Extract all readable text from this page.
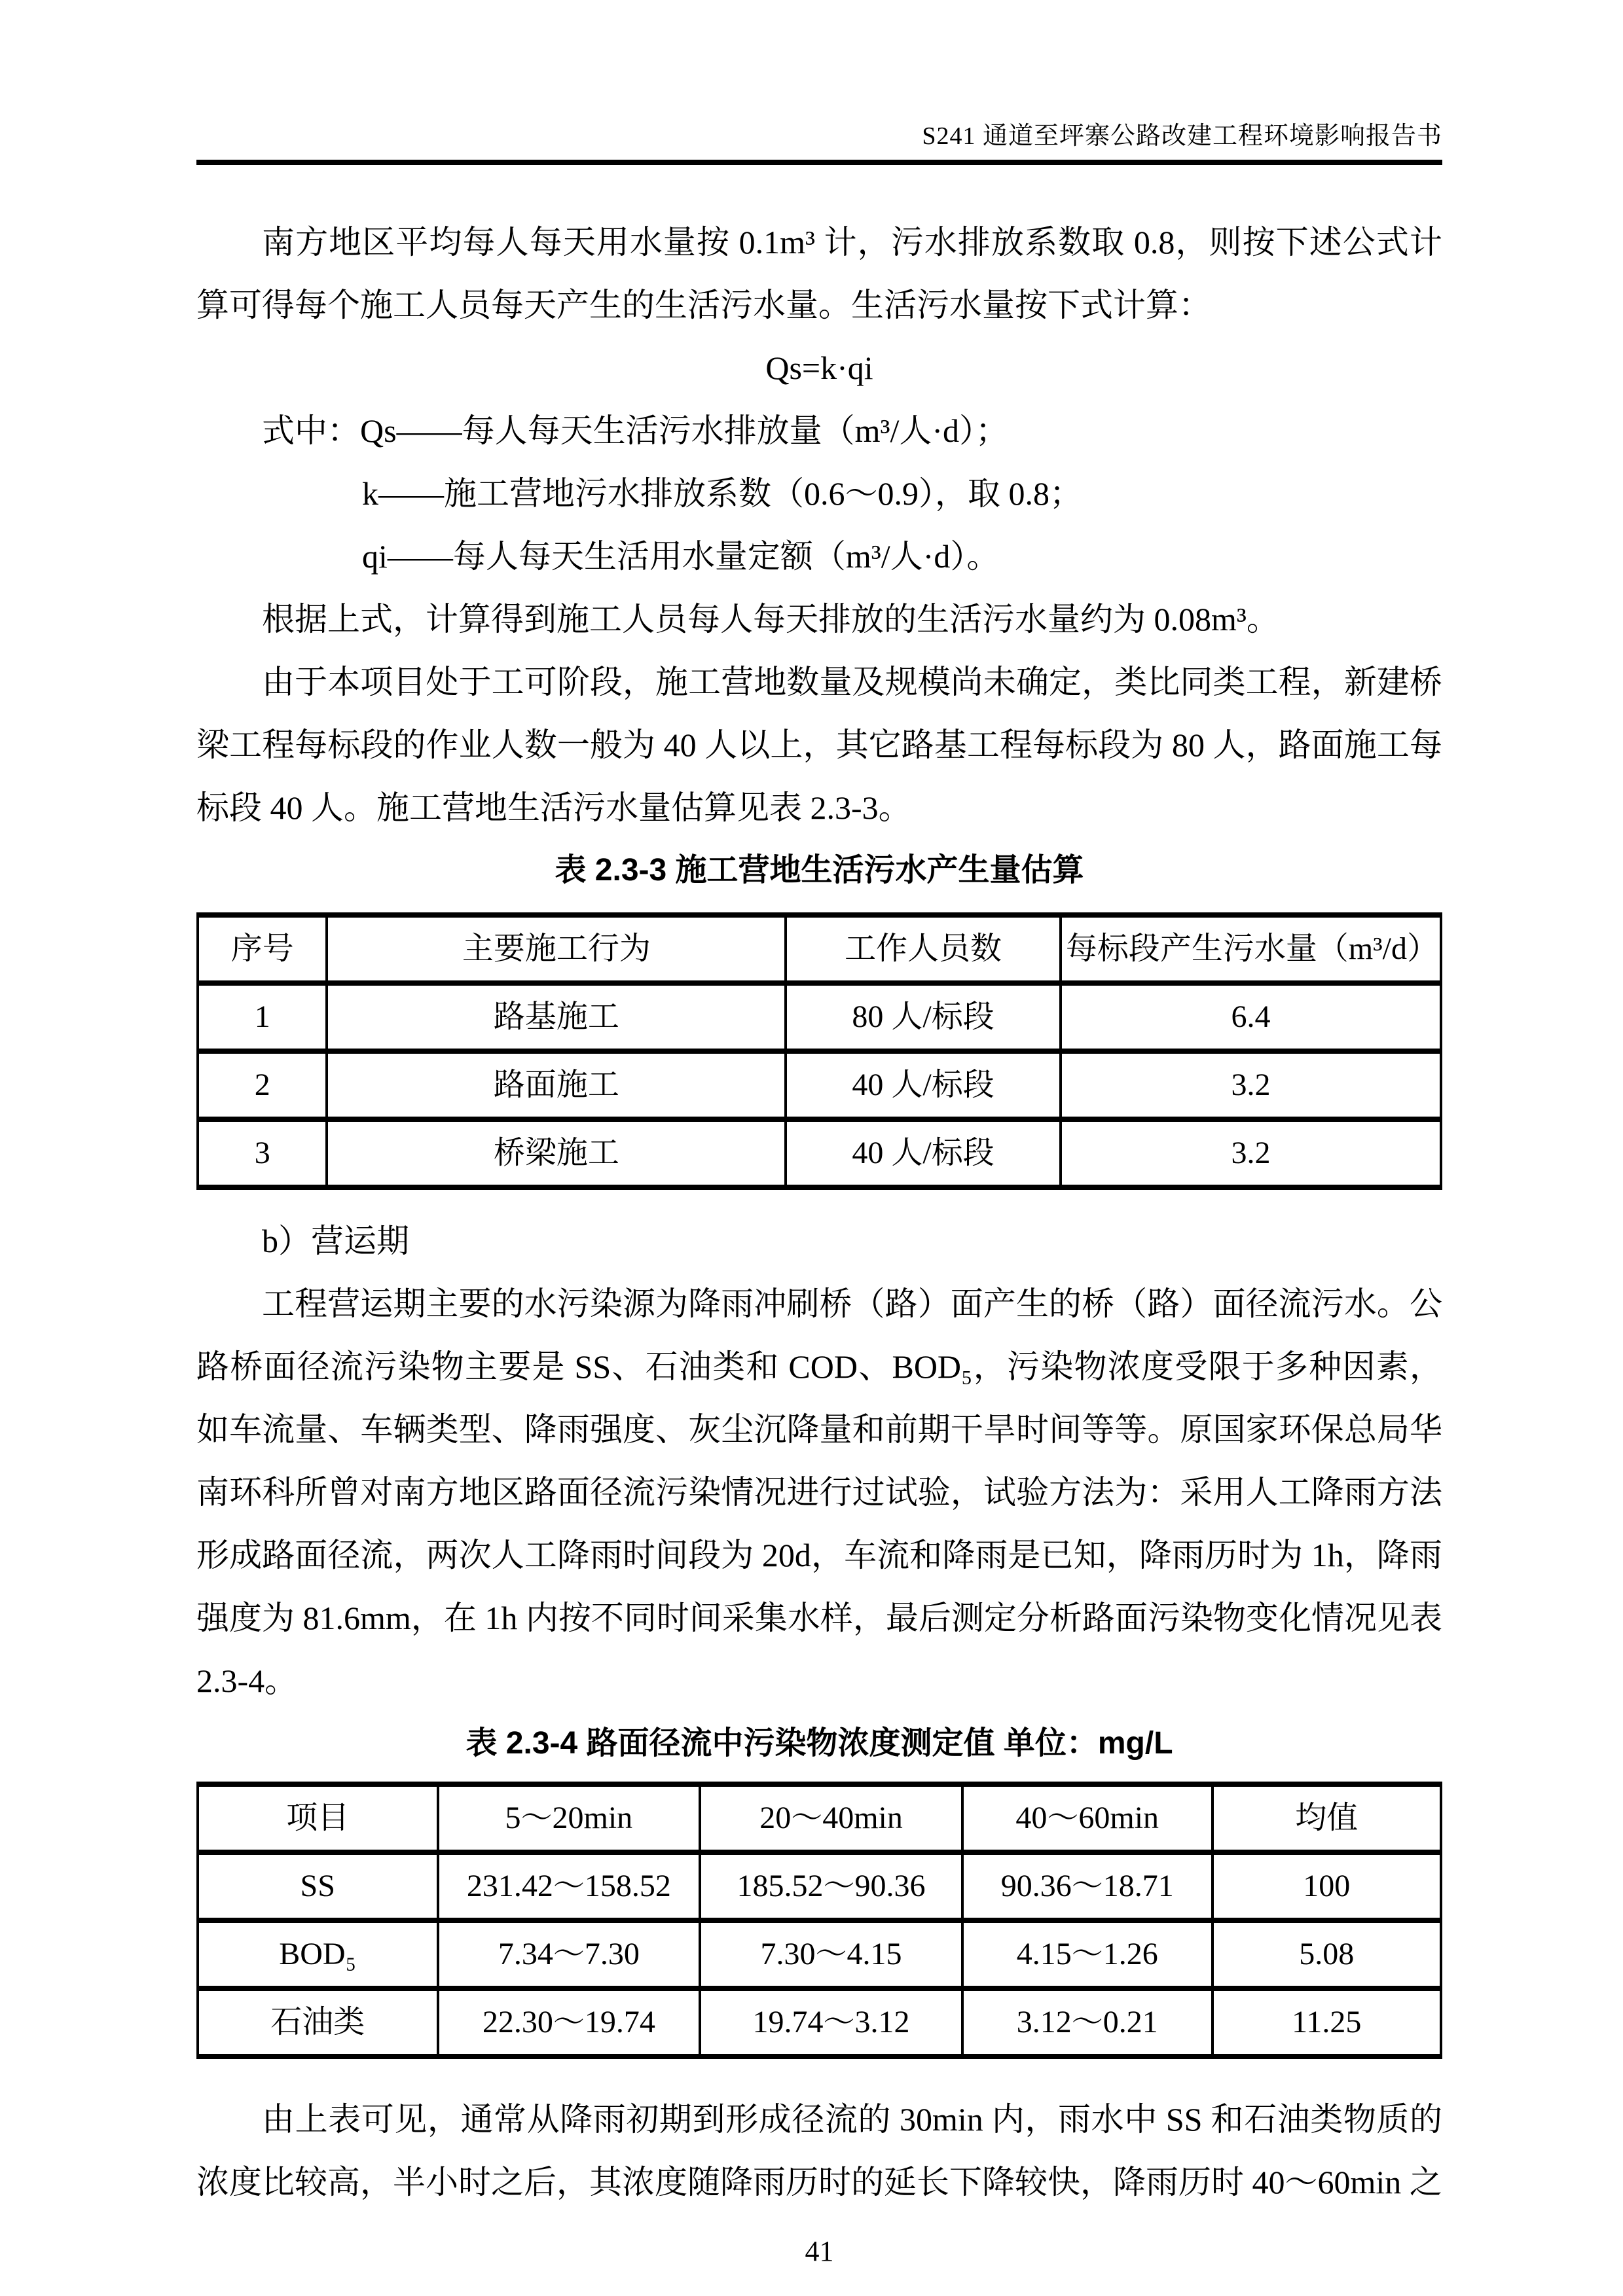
S241 通道至坪寨公路改建工程环境影响报告书

南方地区平均每人每天用水量按 0.1m³ 计，污水排放系数取 0.8，则按下述公式计算可得每个施工人员每天产生的生活污水量。生活污水量按下式计算：

Qs=k·qi

式中：Qs——每人每天生活污水排放量（m³/人·d）；

k——施工营地污水排放系数（0.6～0.9），取 0.8；

qi——每人每天生活用水量定额（m³/人·d）。

根据上式，计算得到施工人员每人每天排放的生活污水量约为 0.08m³。

由于本项目处于工可阶段，施工营地数量及规模尚未确定，类比同类工程，新建桥梁工程每标段的作业人数一般为 40 人以上，其它路基工程每标段为 80 人，路面施工每标段 40 人。施工营地生活污水量估算见表 2.3-3。

表 2.3-3 施工营地生活污水产生量估算

序号	主要施工行为	工作人员数	每标段产生污水量（m³/d）
1	路基施工	80 人/标段	6.4
2	路面施工	40 人/标段	3.2
3	桥梁施工	40 人/标段	3.2

b）营运期

工程营运期主要的水污染源为降雨冲刷桥（路）面产生的桥（路）面径流污水。公路桥面径流污染物主要是 SS、石油类和 COD、BOD₅，污染物浓度受限于多种因素，如车流量、车辆类型、降雨强度、灰尘沉降量和前期干旱时间等等。原国家环保总局华南环科所曾对南方地区路面径流污染情况进行过试验，试验方法为：采用人工降雨方法形成路面径流，两次人工降雨时间段为 20d，车流和降雨是已知，降雨历时为 1h，降雨强度为 81.6mm，在 1h 内按不同时间采集水样，最后测定分析路面污染物变化情况见表 2.3-4。

表 2.3-4 路面径流中污染物浓度测定值 单位：mg/L

项目	5～20min	20～40min	40～60min	均值
SS	231.42～158.52	185.52～90.36	90.36～18.71	100
BOD₅	7.34～7.30	7.30～4.15	4.15～1.26	5.08
石油类	22.30～19.74	19.74～3.12	3.12～0.21	11.25

由上表可见，通常从降雨初期到形成径流的 30min 内，雨水中 SS 和石油类物质的浓度比较高，半小时之后，其浓度随降雨历时的延长下降较快，降雨历时 40～60min 之

41
